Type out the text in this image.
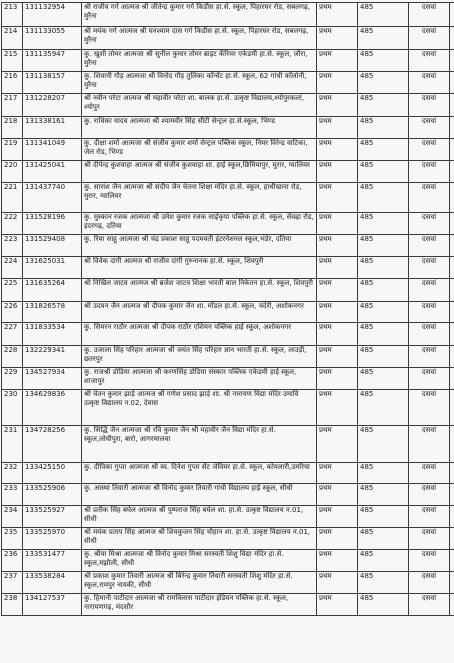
213	131132954	श्री राजीव गर्ग आत्मज श्री जीतेन्द्र कुमार गर्ग किडीस हा.से. स्कूल, पिहारघर रोड, सबलगढ़, मुरैना	प्रथम	485	दसवां	
214	131133055	श्री मयंक गर्ग आत्मज श्री घनश्याम दास गर्ग किडीस हा.से. स्कूल, पिहारघर रोड, सबलगढ़, मुरैना	प्रथम	485	दसवां	
215	131135947	कु. खुशी तोमर आत्मजा श्री सुनील कुमार तोमर ब्राइट कॅरियर एकेडमी हा.से. स्कूल, जौरा, मुरैना	प्रथम	485	दसवां	
216	131138157	कु. शिवानी गौड़ आत्मजा श्री विनोद गौड़ तुलिका कॉन्वेंट हा.से. स्कूल, 62 गांधी कॉलोनी, मुरैना	प्रथम	485	दसवां	
217	131228207	श्री नवीन परेटा आत्मज श्री महावीर परेटा शा. बालक हा.से. उत्कृष्ट विद्यालय,श्योपुरकलां, श्योपुर	प्रथम	485	दसवां	
218	131338161	कु. राधिका यादव आत्मजा श्री श्यामवीर सिंह सीटी सेन्ट्रल हा.से.स्कूल, भिण्ड	प्रथम	485	दसवां	
219	131341049	कु. दीक्षा शर्मा आत्मजा श्री संजीव कुमार शर्मा सेन्ट्रल पब्लिक स्कूल, नियर विरेन्द्र वाटिका, जेल रोड, भिण्ड	प्रथम	485	दसवां	
220	131425041	श्री दीपेन्द्र कुशवाहा आत्मज श्री संजीव कुशवाहा शा. हाई स्कूल,छिमियापुर, मुरार, ग्वालियर	प्रथम	485	दसवां	
221	131437740	कु. सारांश जैन आत्मजा श्री संदीप जैन चेतना शिक्षा मंदिर हा.से. स्कूल, हाथीखाना रोड, मुरार, ग्वालियर	प्रथम	485	दसवां	
222	131528196	कु. मुस्कान रजक आत्मजा श्री उमेश कुमार रजक साईकृपा पब्लिक हा.से. स्कूल, सेंवढ़ा रोड, इंदरगढ़, दतिया	प्रथम	485	दसवां	
223	131529408	कु. रिया साहू आत्मजा श्री चंद्र प्रकाश साहू पदमवती इंटरनेशनल स्कूल,भंडेर, दतिया	प्रथम	485	दसवां	
224	131625031	श्री विवेक दांगी आत्मज श्री राजीव दांगी गुरुनानक हा.से. स्कूल, शिवपुरी	प्रथम	485	दसवां	
225	131635264	श्री निखिल जाटव आत्मज श्री ब्रजेश जाटव शिक्षा भारती बाल निकेतन हा.से. स्कूल, शिवपुरी	प्रथम	485	दसवां	
226	131826578	श्री उदयन जैन आत्मज श्री दीपक कुमार जैन शा. मॉडल हा.से. स्कूल, चंदेरी, अशोकनगर	प्रथम	485	दसवां	
227	131833534	कु. सिमरन राठौर आत्मजा श्री दीपक राठौर एशियन पब्लिक हाई स्कूल, अशोकनगर	प्रथम	485	दसवां	
228	132229341	कु. उजाला सिंह परिहार आत्मजा श्री जयंत सिंह परिहार ज्ञान भारती हा.से. स्कूल, लाउड़ी, छतरपुर	प्रथम	485	दसवां	
229	134527934	कु. राजश्री डोडिया आत्मजा श्री करणसिंह डोडिया संस्कार पब्लिक एकेडमी हाई स्कूल, शाजापुर	प्रथम	485	दसवां	
230	134629836	श्री चेतन कुमार झाड़े आत्मज श्री गणेश प्रसाद झाड़े शा. श्री नारायण विद्या मंदिर उमावि उत्कृष्ट विद्यालय न.02, देवास	प्रथम	485	दसवां	
231	134728256	कु. सिद्धि जैन आत्मजा श्री रवि कुमार जैन श्री महावीर जैन विद्या मंदिर हा.से. स्कूल,लोधीपुरा, बारो, आगरमालवा	प्रथम	485	दसवां	
232	133425150	कु. दीपिका गुप्ता आत्मजा श्री स्व. दिनेश गुप्ता सेंट जेवियर हा.से. स्कूल, कोयलारी,उमरिया	प्रथम	485	दसवां	
233	133525906	कु. आस्था तिवारी आत्मजा श्री विनोद कुमार तिवारी गांधी विद्यालय हाई स्कूल, सीधी	प्रथम	485	दसवां	
234	133525927	श्री प्रतीक सिंह बघेल आत्मज श्री पुष्पराज सिंह बघेल शा. हा.से. उत्कृष्ट विद्यालय न.01, सीधी	प्रथम	485	दसवां	
235	133525970	श्री मयंक प्रताप सिंह आत्मज श्री शिवकुजन सिंह चौहान शा. हा.से. उत्कृष्ट विद्यालय न.01, सीधी	प्रथम	485	दसवां	
236	133531477	कु. श्रीया मिश्रा आत्मजा श्री विनोद कुमार मिश्रा सरस्वती शिशु विद्या मंदिर हा.से. स्कूल,मझौली, सीधी	प्रथम	485	दसवां	
237	133538284	श्री प्रकाश कुमार तिवारी आत्मज श्री बिरेन्द्र कुमार तिवारी सरस्वती शिशु मंदिर हा.से. स्कूल,रामपुर नायकी, सीधी	प्रथम	485	दसवां	
238	134127537	कु. हिमानी पाटीदार आत्मजा श्री रामविलास पाटीदार इंडियन पब्लिक हा.से. स्कूल, नारायणगढ़, मंदसौर	प्रथम	485	दसवां	
